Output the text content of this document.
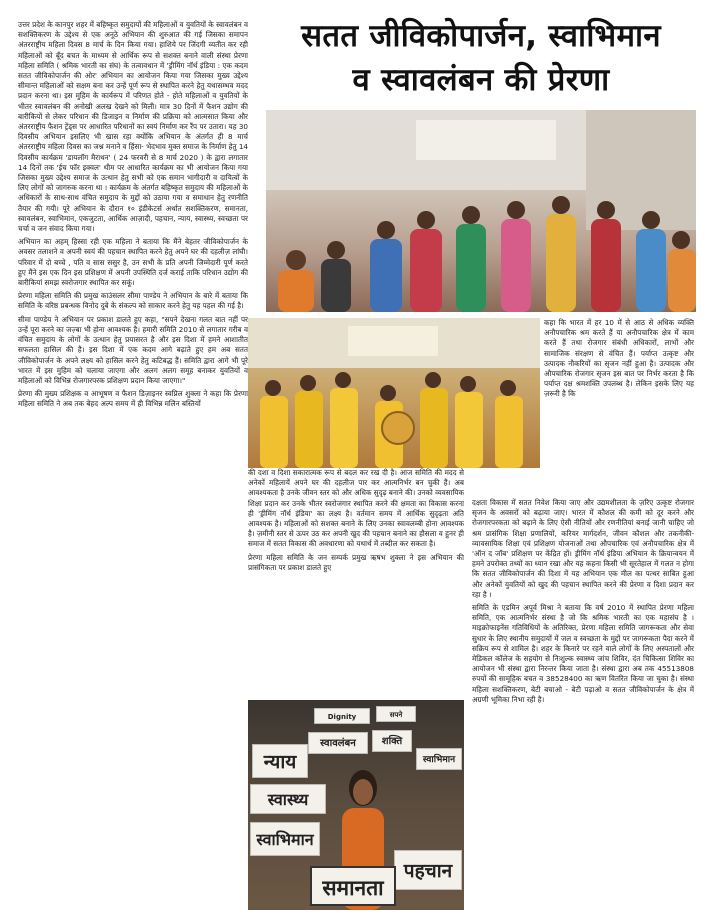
सतत जीविकोपार्जन, स्वाभिमान
व स्वावलंबन की प्रेरणा

उत्तर प्रदेश के कानपुर शहर में बहिष्कृत समुदायों की महिलाओं व युवतियों के स्वावलंबन व सशक्तिकरण के उद्देश्य से एक अनूठे अभियान की शुरुआत की गई जिसका समापन अंतरराष्ट्रीय महिला दिवस 8 मार्च के दिन किया गया। हाशिये पर जिंदगी व्यतीत कर रही महिलाओं को बूँद बचत के माध्यम से आर्थिक रूप से सशक्त बनाने वाली संस्था प्रेरणा महिला समिति ( श्रमिक भारती का संघ) के तत्वावधान में 'ड्रीमिंग नॉर्थ इंडिया : एक कदम सतत जीविकोपार्जन की ओर' अभियान का आयोजन किया गया जिसका मुख्य उद्देश्य सीमान्त महिलाओं को सक्षम बना कर उन्हें पूर्ण रूप से स्थापित करने हेतु यथासम्भव मदद प्रदान करना था। इस मुहिम के कार्यरूप में परिणत होते - होते महिलाओं व युवतियों के भीतर स्वावलंबन की अनोखी अलख देखने को मिली। मात्र 30 दिनों में फैशन उद्योग की बारीकियों से लेकर परिधान की डिजाइन व निर्माण की प्रक्रिया को आत्मसात किया और अंतरराष्ट्रीय फैशन ट्रेंड्स पर आधारित परिधानों का स्वयं निर्माण कर रैंप पर उतारा। यह 30 दिवसीय अभियान इसलिए भी खास रहा क्योंकि अभियान के अंतर्गत ही 8 मार्च अंतरराष्ट्रीय महिला दिवस का जश्न मनाने व हिंसा- भेदभाव मुक्त समाज के निर्माण हेतु 14 दिवसीय कार्यक्रम 'डायलॉग मैराथन' ( 24 फरवरी से 8 मार्च 2020 ) के द्वारा लगातार 14 दिनों तक 'ईच फॉर इक्वल' थीम पर आधारित कार्यक्रम का भी आयोजन किया गया जिसका मुख्य उद्देश्य समाज के उत्थान हेतु सभी को एक समान भागीदारी व दायित्वों के लिए लोगों को जागरुक करना था । कार्यक्रम के अंतर्गत बहिष्कृत समुदाय की महिलाओं के अधिकारों के साथ-साथ वंचित समुदाय के मुद्दों को उठाया गया व समाधान हेतु रणनीति तैयार की गयी। पूरे अभियान के दौरान १० इंडीकेटर्स अर्थात सशक्तिकरण, समानता, स्वावलंबन, स्वाभिमान, एकजुटता, आर्थिक आज़ादी, पहचान, न्याय, स्वास्थ्य, स्वच्छता पर चर्चा व जन संवाद किया गया।

अभियान का अहम् हिस्सा रही एक महिला ने बताया कि मैंने बेहतर जीविकोपार्जन के अवसर तलाशने व अपनी स्वयं की पहचान स्थापित करने हेतु अपने घर की दहलीज़ लांघी। परिवार में दो बच्चे , पति व सास ससुर है, उन सभी के प्रति अपनी जिम्मेदारी पूर्ण करते हुए मैंने इस एक दिन इस प्रशिक्षण में अपनी उपस्थिति दर्ज कराई ताकि परिधान उद्योग की बारीकियां समझ स्वरोजगार स्थापित कर सकूं।

प्रेरणा महिला समिति की प्रमुख काउंसलर सीमा पाण्डेय ने अभियान के बारे में बताया कि समिति के वरिष्ठ प्रबन्धक विनोद दुबे के संकल्प को साकार करने हेतु यह पहल की गई है।

सीमा पाण्डेय ने अभियान पर प्रकाश डालते हुए कहा, "सपने देखना गलत बात नहीं पर उन्हें पूरा करने का जज़्बा भी होना आवश्यक है। हमारी समिति 2010 से लगातार गरीब व वंचित समुदाय के लोगों के उत्थान हेतु प्रयासरत है और इस दिशा में हमने आशातीत सफलता हासिल की है। इस दिशा में एक कदम आगे बढ़ाते हुए हम अब सतत जीविकोपार्जन के अपने लक्ष्य को हासिल करने हेतु कटिबद्ध हैं। समिति द्वारा आगे भी पूरे भारत में इस मुहिम को चलाया जाएगा और अलग अलग समूह बनाकर युवतियों व महिलाओं को विभिन्न रोजगारपरक प्रशिक्षण प्रदान किया जाएगा।"

प्रेरणा की मुख्य प्रशिक्षक व आभूषण व फैशन डिज़ाइनर स्वप्निल शुक्ला ने कहा कि प्रेरणा महिला समिति ने अब तक बेहद अल्प समय में ही विभिन्न मलिन बस्तियों

कहा कि भारत में हर 10 में से आठ से अधिक व्यक्ति अनौपचारिक श्रम करते हैं या अनौपचारिक क्षेत्र में काम करते हैं तथा रोजगार संबंधी अधिकारों, लाभों और सामाजिक संरक्षण से वंचित हैं। पर्याप्त उत्कृष्ट और उत्पादक नौकरियों का सृजन नहीं हुआ है। उत्पादक और औपचारिक रोजगार सृजन इस बात पर निर्भर करता है कि पर्याप्त दक्ष श्रमशक्ति उपलब्ध है। लेकिन इसके लिए यह ज़रूरी है कि

की दशा व दिशा सकारात्मक रूप से बदल कर रख दी है। आज समिति की मदद से अनेकों महिलायें अपने घर की दहलीज पार कर आत्मनिर्भर बन चुकी हैं। अब आवश्यकता है उनके जीवन स्तर को और अधिक सुदृढ़ बनाने की। उनको व्यवसायिक शिक्षा प्रदान कर उनके भीतर स्वरोजगार स्थापित करने की क्षमता का विकास करना ही 'ड्रीमिंग नॉर्थ इंडिया' का लक्ष्य है। वर्तमान समय में आर्थिक सुदृढ़ता अति आवश्यक है। महिलाओं को सशक्त बनाने के लिए उनका स्वावलम्बी होना आवश्यक है। ज़मीनी स्तर से ऊपर उठ कर अपनी खुद की पहचान बनाने का हौसला व हुनर ही समाज में सतत विकास की अवधारणा को यथार्थ में तब्दील कर सकता है।

प्रेरणा महिला समिति के जन सम्पर्क प्रमुख ऋषभ शुक्ला ने इस अभियान की प्रासंगिकता पर प्रकाश डालते हुए

Dignity	सपने
स्वावलंबन	शक्ति
न्याय	स्वाभिमान
स्वास्थ्य
स्वाभिमान
पहचान
समानता

दक्षता विकास में सतत निवेश किया जाए और उद्यमशीलता के ज़रिए उत्कृष्ट रोजगार सृजन के अवसरों को बढ़ाया जाए। भारत में कौशल की कमी को दूर करने और रोजगारपरकता को बढ़ाने के लिए ऐसी नीतियों और रणनीतियां बनाई जानी चाहिए जो श्रम प्रासंगिक शिक्षा प्रणालियों, करियर मार्गदर्शन, जीवन कौशल और तकनीकी-व्यावसायिक शिक्षा एवं प्रशिक्षण योजनाओं तथा औपचारिक एवं अनौपचारिक क्षेत्र में 'ऑन द जॉब' प्रशिक्षण पर केंद्रित हों। ड्रीमिंग नॉर्थ इंडिया अभियान के क्रियान्वयन में हमने उपरोक्त तथ्यों का ध्यान रखा और यह कहना किसी भी सूरतेहाल में गलत न होगा कि सतत जीविकोपार्जन की दिशा में यह अभियान एक मील का पत्थर साबित हुआ और अनेकों युवतियों को खुद की पहचान स्थापित करने की प्रेरणा व दिशा प्रदान कर रहा है ।

समिति के एडमिन अपूर्व मिश्रा ने बताया कि वर्ष 2010 में स्थापित प्रेरणा महिला समिति, एक आत्मनिर्भर संस्था है जो कि श्रमिक भारती का एक महासंघ है । माइक्रोफाइनेंस गतिविधियों के अतिरिक्त, प्रेरणा महिला समिति जागरूकता और सेवा सुधार के लिए स्थानीय समुदायों में जल व स्वच्छता के मुद्दों पर जागरूकता पैदा करने में सक्रिय रूप से शामिल है। शहर के किनारे पर रहने वाले लोगों के लिए अस्पतालों और मेडिकल कॉलेज के सहयोग से निःशुल्क स्वास्थ्य जांच शिविर, दंत चिकित्सा शिविर का आयोजन भी संस्था द्वारा निरन्तर किया जाता है। संस्था द्वारा अब तक 45513808 रुपयों की सामूहिक बचत व 38528400 का ऋण वितरित किया जा चुका है। संस्था महिला सशक्तिकरण, बेटी बचाओ - बेटी पढ़ाओ व सतत जीविकोपार्जन के क्षेत्र में अग्रणी भूमिका निभा रही है।
